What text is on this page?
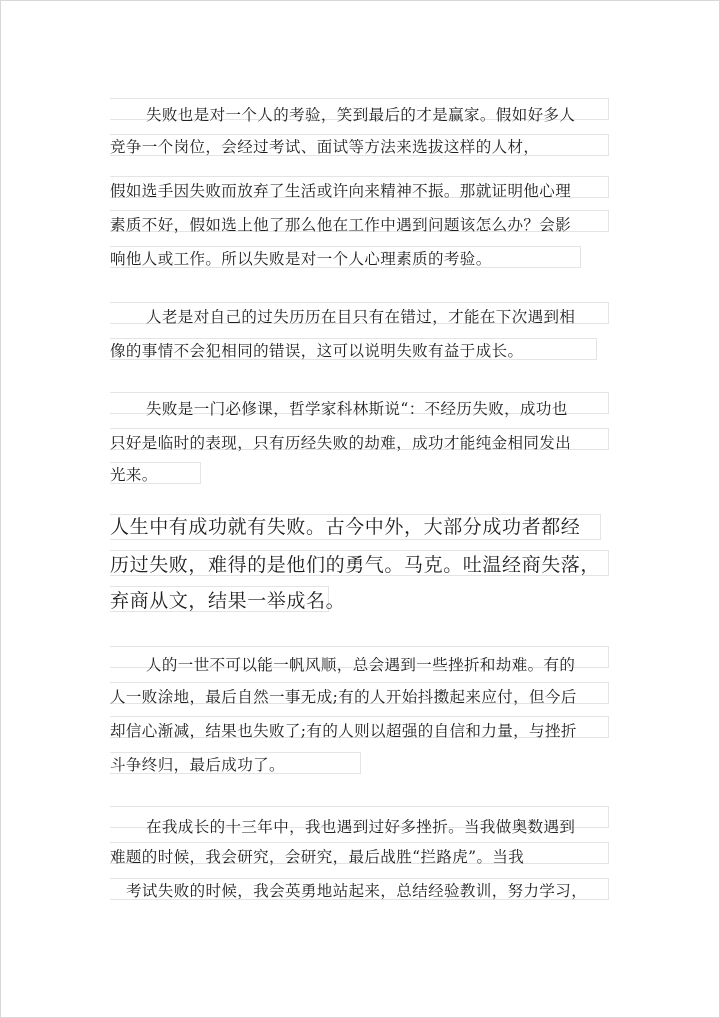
失败也是对一个人的考验，笑到最后的才是赢家。假如好多人
竞争一个岗位，会经过考试、面试等方法来选拔这样的人材，
假如选手因失败而放弃了生活或许向来精神不振。那就证明他心理
素质不好，假如选上他了那么他在工作中遇到问题该怎么办？会影
响他人或工作。所以失败是对一个人心理素质的考验。
人老是对自己的过失历历在目只有在错过，才能在下次遇到相
像的事情不会犯相同的错误，这可以说明失败有益于成长。
失败是一门必修课，哲学家科林斯说“：不经历失败，成功也
只好是临时的表现，只有历经失败的劫难，成功才能纯金相同发出
光来。
人生中有成功就有失败。古今中外，大部分成功者都经
历过失败，难得的是他们的勇气。马克。吐温经商失落，
弃商从文，结果一举成名。
人的一世不可以能一帆风顺，总会遇到一些挫折和劫难。有的
人一败涂地，最后自然一事无成;有的人开始抖擞起来应付，但今后
却信心渐减，结果也失败了;有的人则以超强的自信和力量，与挫折
斗争终归，最后成功了。
在我成长的十三年中，我也遇到过好多挫折。当我做奥数遇到
难题的时候，我会研究，会研究，最后战胜“拦路虎”。当我
考试失败的时候，我会英勇地站起来，总结经验教训，努力学习，
